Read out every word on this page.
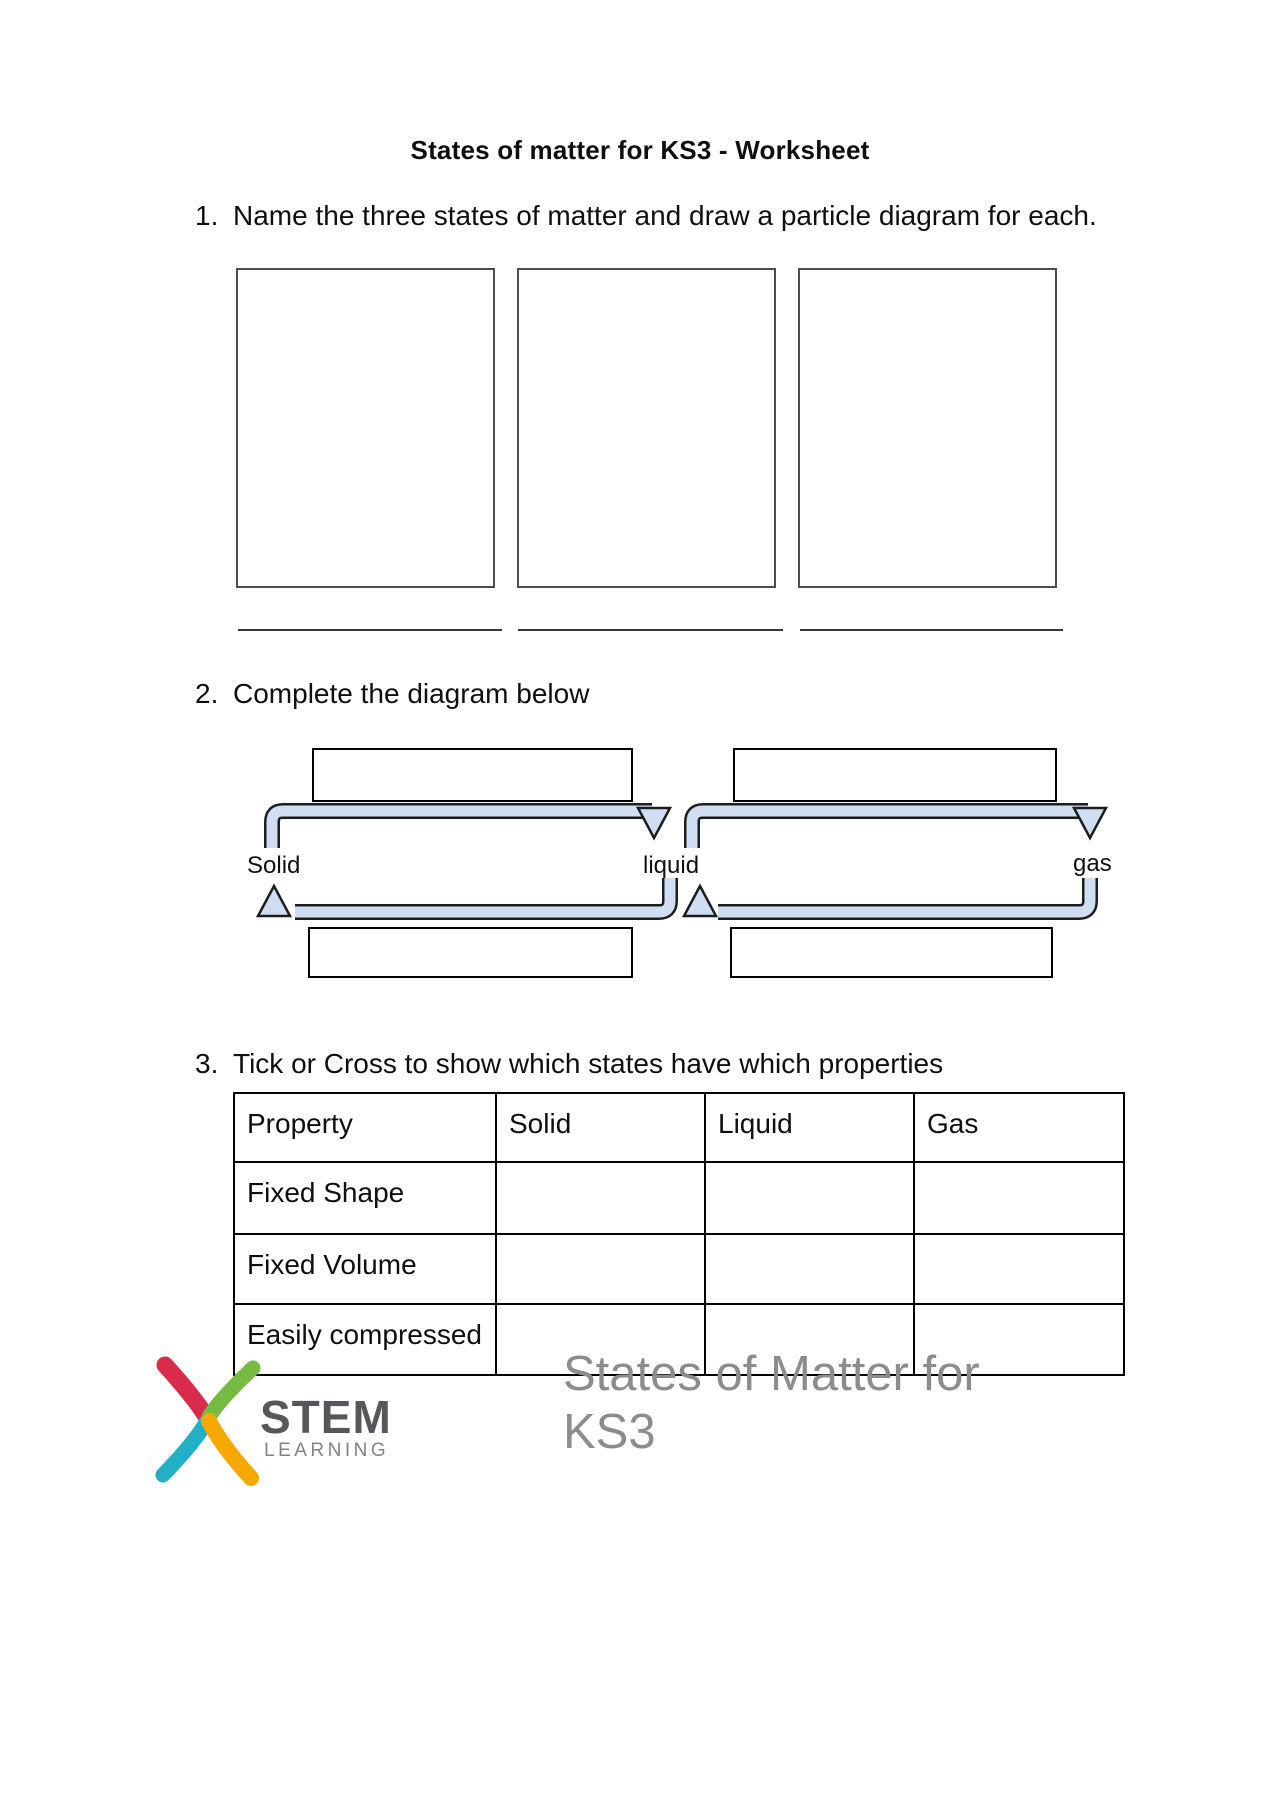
States of matter for KS3 - Worksheet
1. Name the three states of matter and draw a particle diagram for each.
2. Complete the diagram below
Solid	liquid	gas
3. Tick or Cross to show which states have which properties
Property	Solid	Liquid	Gas
Fixed Shape			
Fixed Volume			
Easily compressed			
STEM
LEARNING
States of Matter for KS3
